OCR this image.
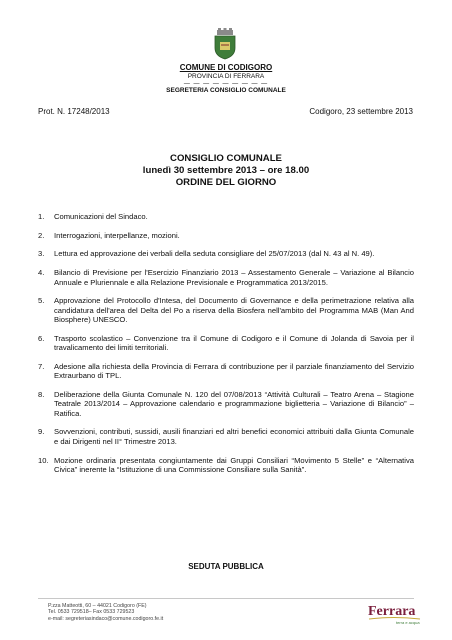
COMUNE DI CODIGORO
PROVINCIA DI FERRARA
— — — — — — — — —
SEGRETERIA CONSIGLIO COMUNALE
Prot. N. 17248/2013	Codigoro, 23 settembre 2013
CONSIGLIO COMUNALE
lunedì 30 settembre 2013 – ore 18.00
ORDINE DEL GIORNO
1. Comunicazioni del Sindaco.
2. Interrogazioni, interpellanze, mozioni.
3. Lettura ed approvazione dei verbali della seduta consigliare del 25/07/2013 (dal N. 43 al N. 49).
4. Bilancio di Previsione per l'Esercizio Finanziario 2013 – Assestamento Generale – Variazione al Bilancio Annuale e Pluriennale e alla Relazione Previsionale e Programmatica 2013/2015.
5. Approvazione del Protocollo d'Intesa, del Documento di Governance e della perimetrazione relativa alla candidatura dell'area del Delta del Po a riserva della Biosfera nell'ambito del Programma MAB (Man And Biosphere) UNESCO.
6. Trasporto scolastico – Convenzione tra il Comune di Codigoro e il Comune di Jolanda di Savoia per il travalicamento dei limiti territoriali.
7. Adesione alla richiesta della Provincia di Ferrara di contribuzione per il parziale finanziamento del Servizio Extraurbano di TPL.
8. Deliberazione della Giunta Comunale N. 120 del 07/08/2013 “Attività Culturali – Teatro Arena – Stagione Teatrale 2013/2014 – Approvazione calendario e programmazione biglietteria – Variazione di Bilancio” – Ratifica.
9. Sovvenzioni, contributi, sussidi, ausili finanziari ed altri benefici economici attribuiti dalla Giunta Comunale e dai Dirigenti nel II° Trimestre 2013.
10. Mozione ordinaria presentata congiuntamente dai Gruppi Consiliari “Movimento 5 Stelle” e “Alternativa Civica” inerente la “Istituzione di una Commissione Consiliare sulla Sanità”.
SEDUTA PUBBLICA
P.zza Matteotti, 60 – 44021 Codigoro (FE)
Tel. 0533 729518– Fax 0533 729523
e-mail: segreteriasindaco@comune.codigoro.fe.it	Ferrara
terra e acqua
